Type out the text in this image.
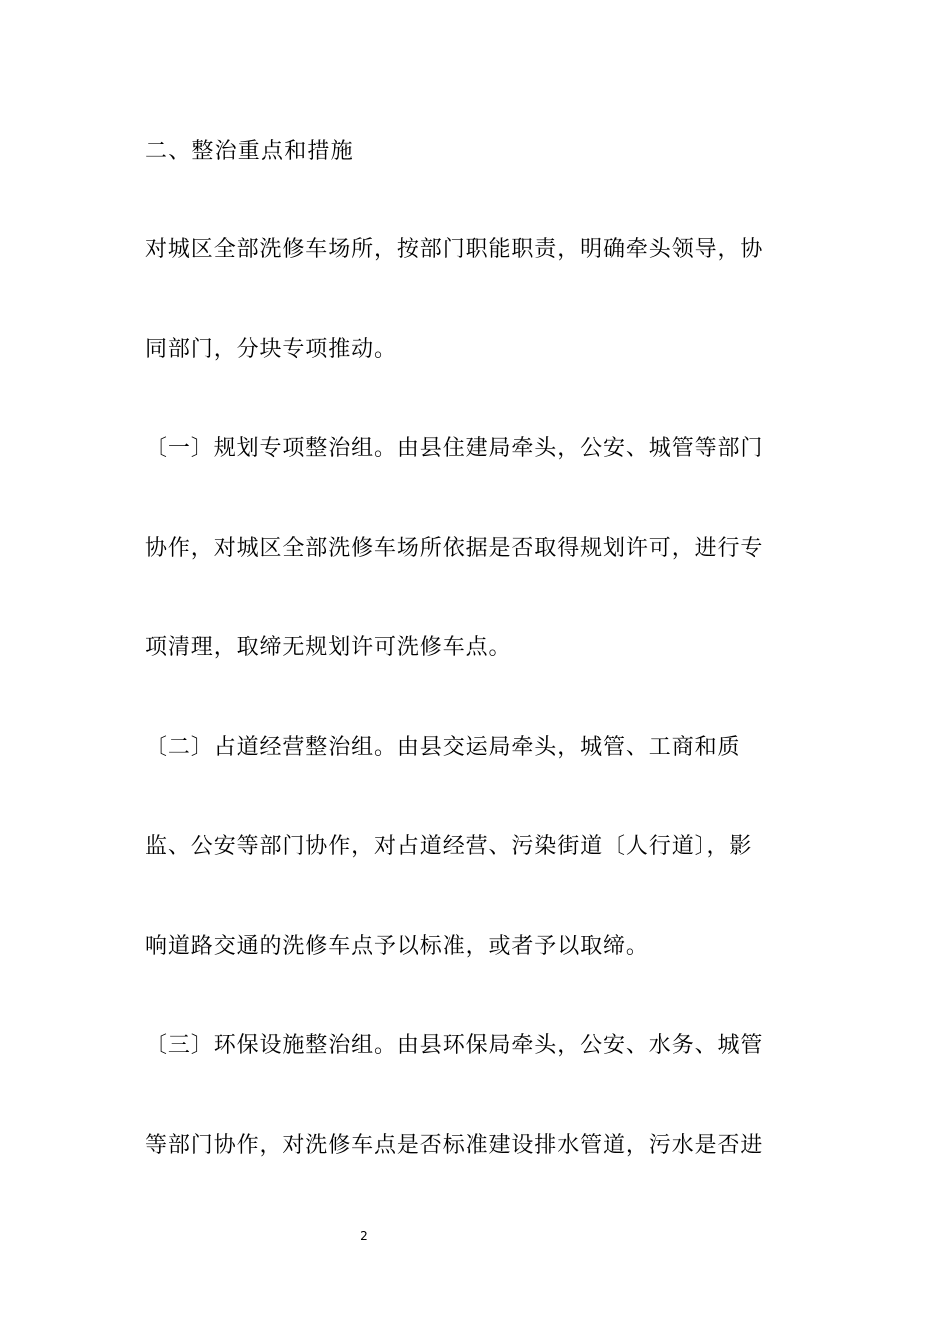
二、整治重点和措施
对城区全部洗修车场所，按部门职能职责，明确牵头领导，协
同部门，分块专项推动。
〔一〕规划专项整治组。由县住建局牵头，公安、城管等部门
协作，对城区全部洗修车场所依据是否取得规划许可，进行专
项清理，取缔无规划许可洗修车点。
〔二〕占道经营整治组。由县交运局牵头，城管、工商和质
监、公安等部门协作，对占道经营、污染街道〔人行道〕，影
响道路交通的洗修车点予以标准，或者予以取缔。
〔三〕环保设施整治组。由县环保局牵头，公安、水务、城管
等部门协作，对洗修车点是否标准建设排水管道，污水是否进
2
